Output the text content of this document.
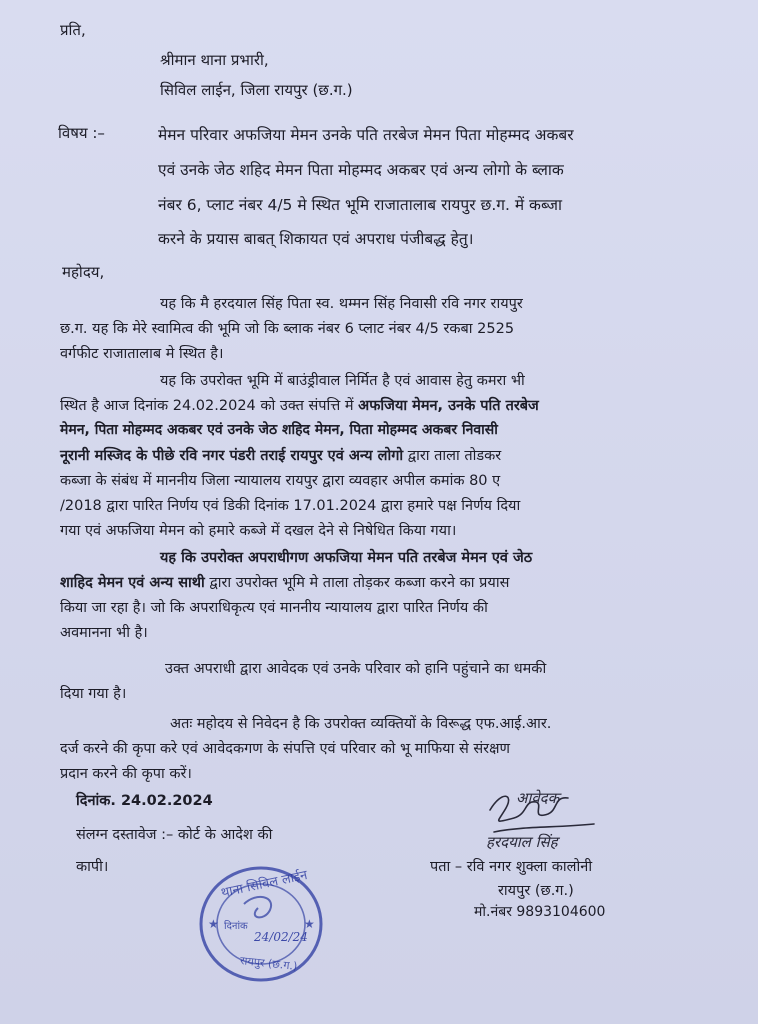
प्रति,
श्रीमान थाना प्रभारी,
सिविल लाईन, जिला रायपुर (छ.ग.)
विषय :–	मेमन परिवार अफजिया मेमन उनके पति तरबेज मेमन पिता मोहम्मद अकबर
एवं उनके जेठ शहिद मेमन पिता मोहम्मद अकबर एवं अन्य लोगो के ब्लाक
नंबर 6, प्लाट नंबर 4/5 मे स्थित भूमि राजातालाब रायपुर छ.ग. में कब्जा
करने के प्रयास बाबत् शिकायत एवं अपराध पंजीबद्ध हेतु।
महोदय,
यह कि मै हरदयाल सिंह पिता स्व. थम्मन सिंह निवासी रवि नगर रायपुर
छ.ग. यह कि मेरे स्वामित्व की भूमि जो कि ब्लाक नंबर 6 प्लाट नंबर 4/5 रकबा 2525
वर्गफीट राजातालाब मे स्थित है।
यह कि उपरोक्त भूमि में बाउंड्रीवाल निर्मित है एवं आवास हेतु कमरा भी
स्थित है आज दिनांक 24.02.2024 को उक्त संपत्ति में अफजिया मेमन, उनके पति तरबेज
मेमन, पिता मोहम्मद अकबर एवं उनके जेठ शहिद मेमन, पिता मोहम्मद अकबर निवासी
नूरानी मस्जिद के पीछे रवि नगर पंडरी तराई रायपुर एवं अन्य लोगो द्वारा ताला तोडकर
कब्जा के संबंध में माननीय जिला न्यायालय रायपुर द्वारा व्यवहार अपील कमांक 80 ए
/2018 द्वारा पारित निर्णय एवं डिकी दिनांक 17.01.2024 द्वारा हमारे पक्ष निर्णय दिया
गया एवं अफजिया मेमन को हमारे कब्जे में दखल देने से निषेधित किया गया।
यह कि उपरोक्त अपराधीगण अफजिया मेमन पति तरबेज मेमन एवं जेठ
शाहिद मेमन एवं अन्य साथी द्वारा उपरोक्त भूमि मे ताला तोड़कर कब्जा करने का प्रयास
किया जा रहा है। जो कि अपराधिकृत्य एवं माननीय न्यायालय द्वारा पारित निर्णय की
अवमानना भी है।
उक्त अपराधी द्वारा आवेदक एवं उनके परिवार को हानि पहुंचाने का धमकी
दिया गया है।
अतः महोदय से निवेदन है कि उपरोक्त व्यक्तियों के विरूद्ध एफ.आई.आर.
दर्ज करने की कृपा करे एवं आवेदकगण के संपत्ति एवं परिवार को भू माफिया से संरक्षण
प्रदान करने की कृपा करें।
दिनांक. 24.02.2024
संलग्न दस्तावेज :– कोर्ट के आदेश की
कापी।
आवेदक
हरदयाल सिंह
पता – रवि नगर शुक्ला कालोनी
रायपुर (छ.ग.)
मो.नंबर 9893104600
★	★
थाना सिविल लाईन
दिनांक
24/02/24
रायपुर (छ.ग.)
